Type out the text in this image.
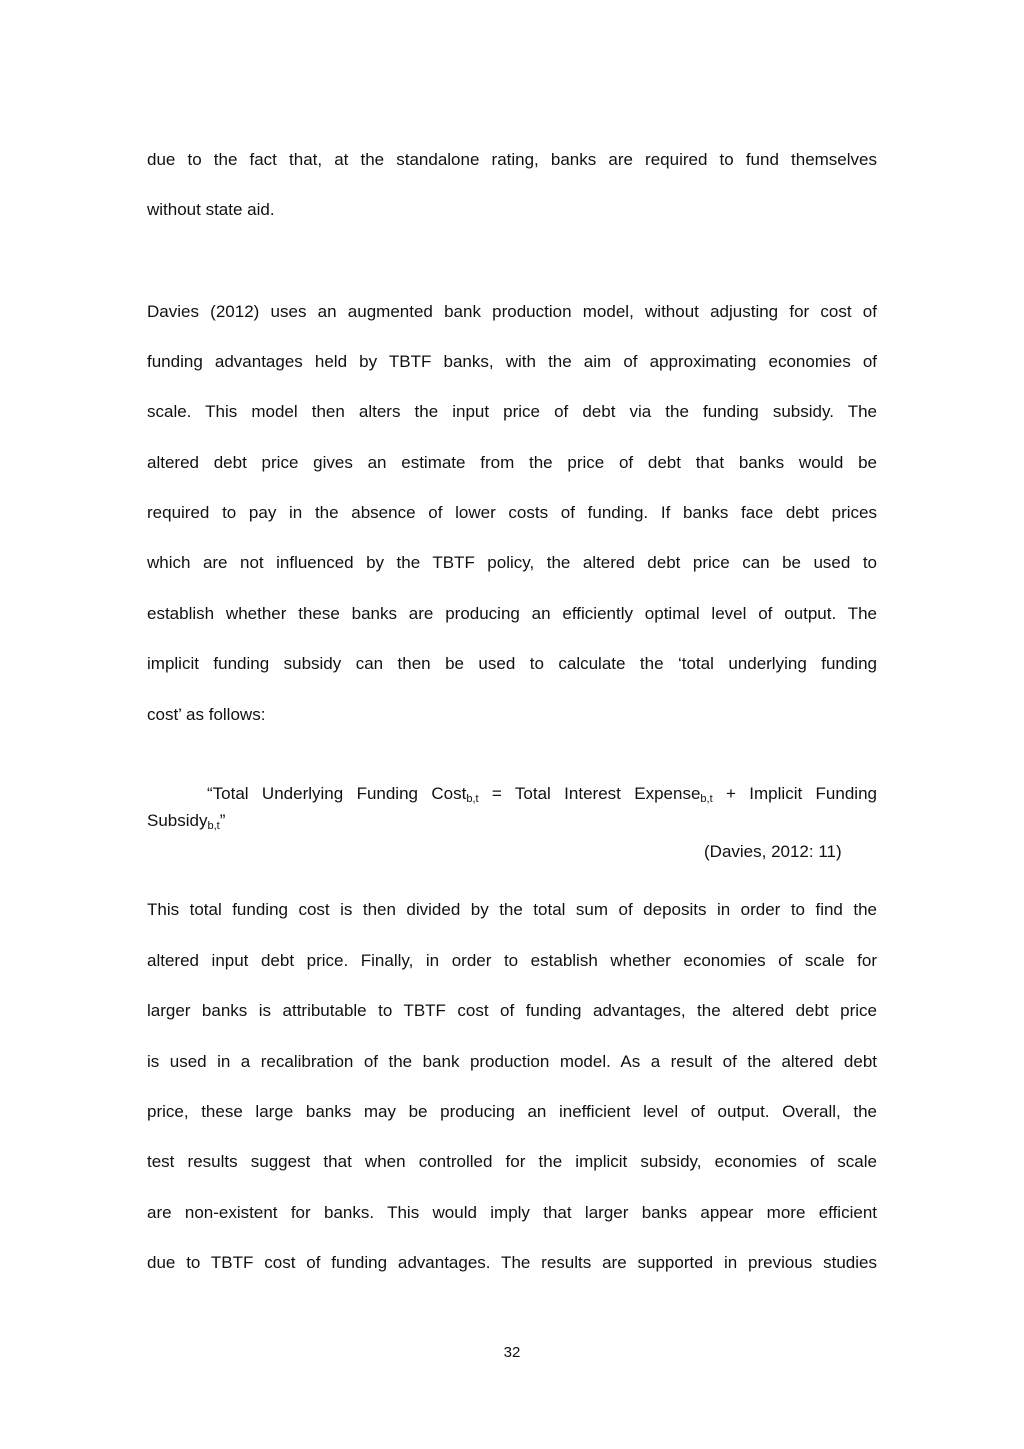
due to the fact that, at the standalone rating, banks are required to fund themselves
without state aid.
Davies (2012) uses an augmented bank production model, without adjusting for cost of
funding advantages held by TBTF banks, with the aim of approximating economies of
scale. This model then alters the input price of debt via the funding subsidy. The
altered debt price gives an estimate from the price of debt that banks would be
required to pay in the absence of lower costs of funding. If banks face debt prices
which are not influenced by the TBTF policy, the altered debt price can be used to
establish whether these banks are producing an efficiently optimal level of output. The
implicit funding subsidy can then be used to calculate the ‘total underlying funding
cost’ as follows:
“Total Underlying Funding Cost$_{b,t}$ = Total Interest Expense$_{b,t}$ + Implicit Funding
Subsidy$_{b,t}$”
(Davies, 2012: 11)
This total funding cost is then divided by the total sum of deposits in order to find the
altered input debt price. Finally, in order to establish whether economies of scale for
larger banks is attributable to TBTF cost of funding advantages, the altered debt price
is used in a recalibration of the bank production model. As a result of the altered debt
price, these large banks may be producing an inefficient level of output. Overall, the
test results suggest that when controlled for the implicit subsidy, economies of scale
are non-existent for banks. This would imply that larger banks appear more efficient
due to TBTF cost of funding advantages. The results are supported in previous studies
32
